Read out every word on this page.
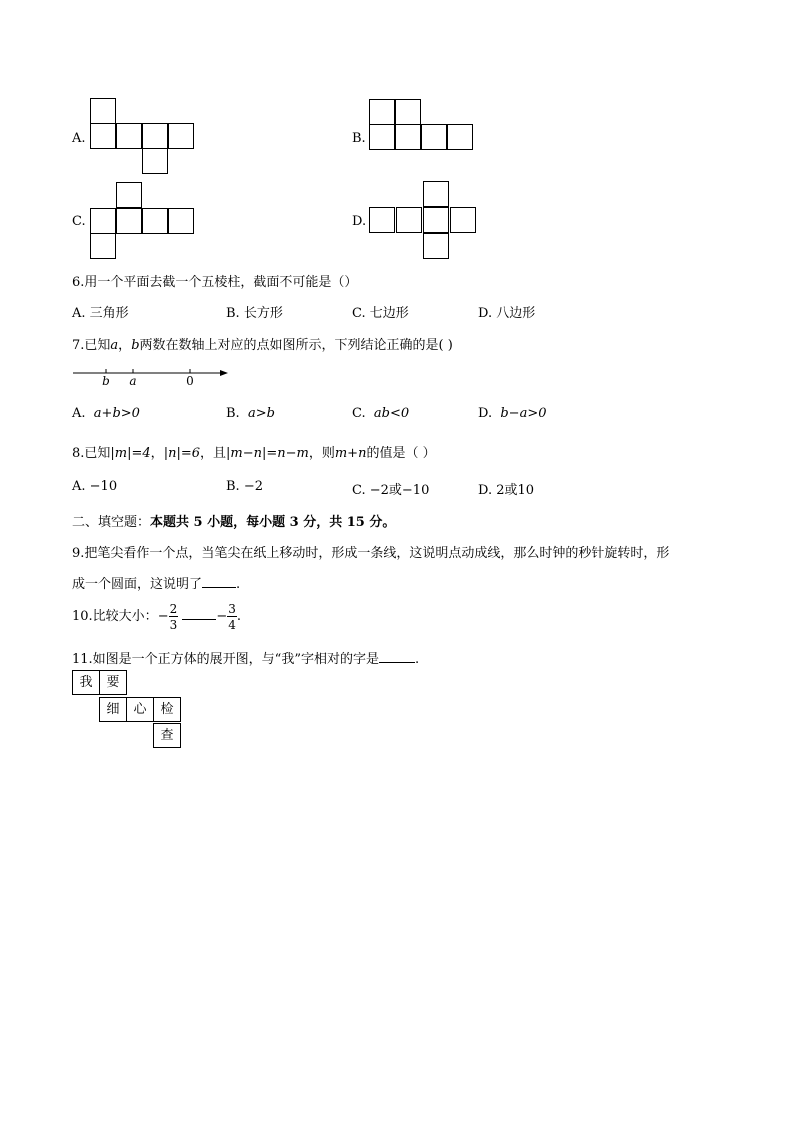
A.	B.
C.	D.
6.用一个平面去截一个五棱柱，截面不可能是（）
A. 三角形	B. 长方形	C. 七边形	D. 八边形
7.已知a，b两数在数轴上对应的点如图所示，下列结论正确的是( )
b a	0
A. a+b>0	B. a>b	C. ab<0	D. b−a>0
8.已知|m|=4，|n|=6，且|m−n|=n−m，则m+n的值是（ ）
A. −10	B. −2	C. −2或−10	D. 2或10
二、填空题：本题共 5 小题，每小题 3 分，共 15 分。
9.把笔尖看作一个点，当笔尖在纸上移动时，形成一条线，这说明点动成线，那么时钟的秒针旋转时，形
成一个圆面，这说明了	.
10.比较大小：− $\frac{2}{3}$	− $\frac{3}{4}$ .
11.如图是一个正方体的展开图，与“我”字相对的字是	.
我	要
细	心	检
查
